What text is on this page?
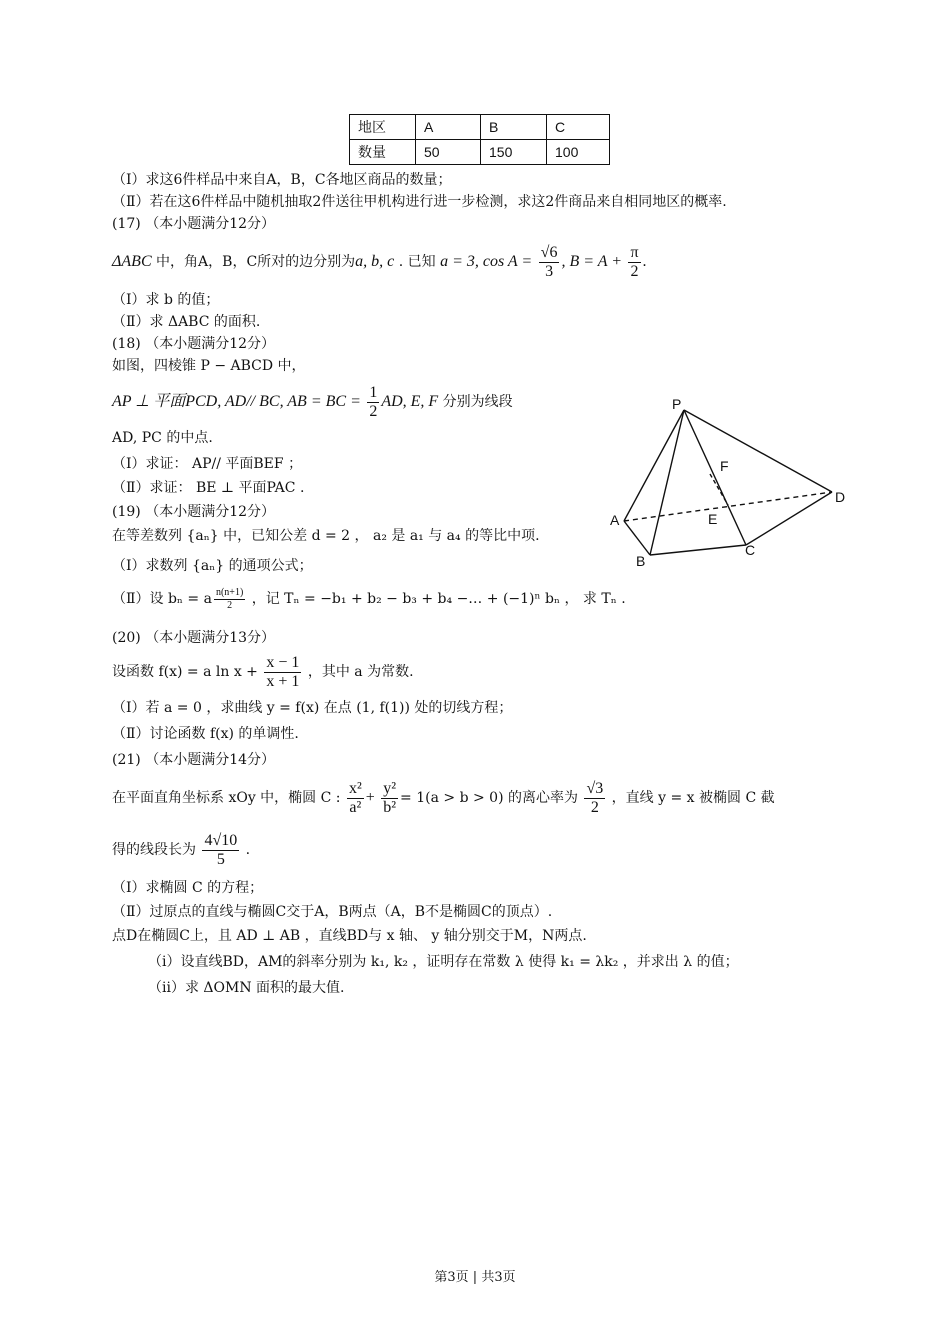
地区	A	B	C
数量	50	150	100
（Ⅰ）求这6件样品中来自A，B，C各地区商品的数量；
（Ⅱ）若在这6件样品中随机抽取2件送往甲机构进行进一步检测，求这2件商品来自相同地区的概率.
(17) （本小题满分12分）
ΔABC 中，角A，B，C所对的边分别为a, b, c . 已知 a = 3, $\cos A = \frac{√6}{3}$ , $B = A + \frac{\pi}{2}$ .
（Ⅰ）求 b 的值；
（Ⅱ）求 ΔABC 的面积.
(18) （本小题满分12分）
如图，四棱锥 P − ABCD 中，
AP ⊥ 平面PCD, AD// BC, AB = BC = $\frac{1}{2}$ AD, E, F 分别为线段
AD, PC 的中点.
（Ⅰ）求证： AP// 平面BEF ；
（Ⅱ）求证： BE ⊥ 平面PAC .
P
F
D
A	E
B
C
(19) （本小题满分12分）
在等差数列 {aₙ} 中，已知公差 d = 2 ， a₂ 是 a₁ 与 a₄ 的等比中项.
（Ⅰ）求数列 {aₙ} 的通项公式；
（Ⅱ）设 bₙ = a $\frac{n(n+1)}{2}$ ，记 Tₙ = −b₁ + b₂ − b₃ + b₄ −… + (−1)ⁿ bₙ ， 求 Tₙ .
(20) （本小题满分13分）
设函数 f(x) = a $\ln x + \frac{x - 1}{x + 1}$ ，其中 a 为常数.
（Ⅰ）若 a = 0 ，求曲线 y = f(x) 在点 (1, f(1)) 处的切线方程；
（Ⅱ）讨论函数 f(x) 的单调性.
(21) （本小题满分14分）
在平面直角坐标系 xOy 中，椭圆 C : $\frac{\text{x²}}{\text{a²}} + \frac{\text{y²}}{\text{b²}} = 1(a > b > 0)$ 的离心率为 $\frac{√3}{2}$ ，直线 y = x 被椭圆 C 截
得的线段长为 $\frac{4√10}{5}$ .
（Ⅰ）求椭圆 C 的方程；
（Ⅱ）过原点的直线与椭圆C交于A，B两点（A，B不是椭圆C的顶点）.
点D在椭圆C上，且 AD ⊥ AB ，直线BD与 x 轴、 y 轴分别交于M，N两点.
（i）设直线BD，AM的斜率分别为 k₁, k₂ ，证明存在常数 λ 使得 k₁ = λk₂ ，并求出 λ 的值；
（ii）求 ΔOMN 面积的最大值.
第3页 | 共3页
